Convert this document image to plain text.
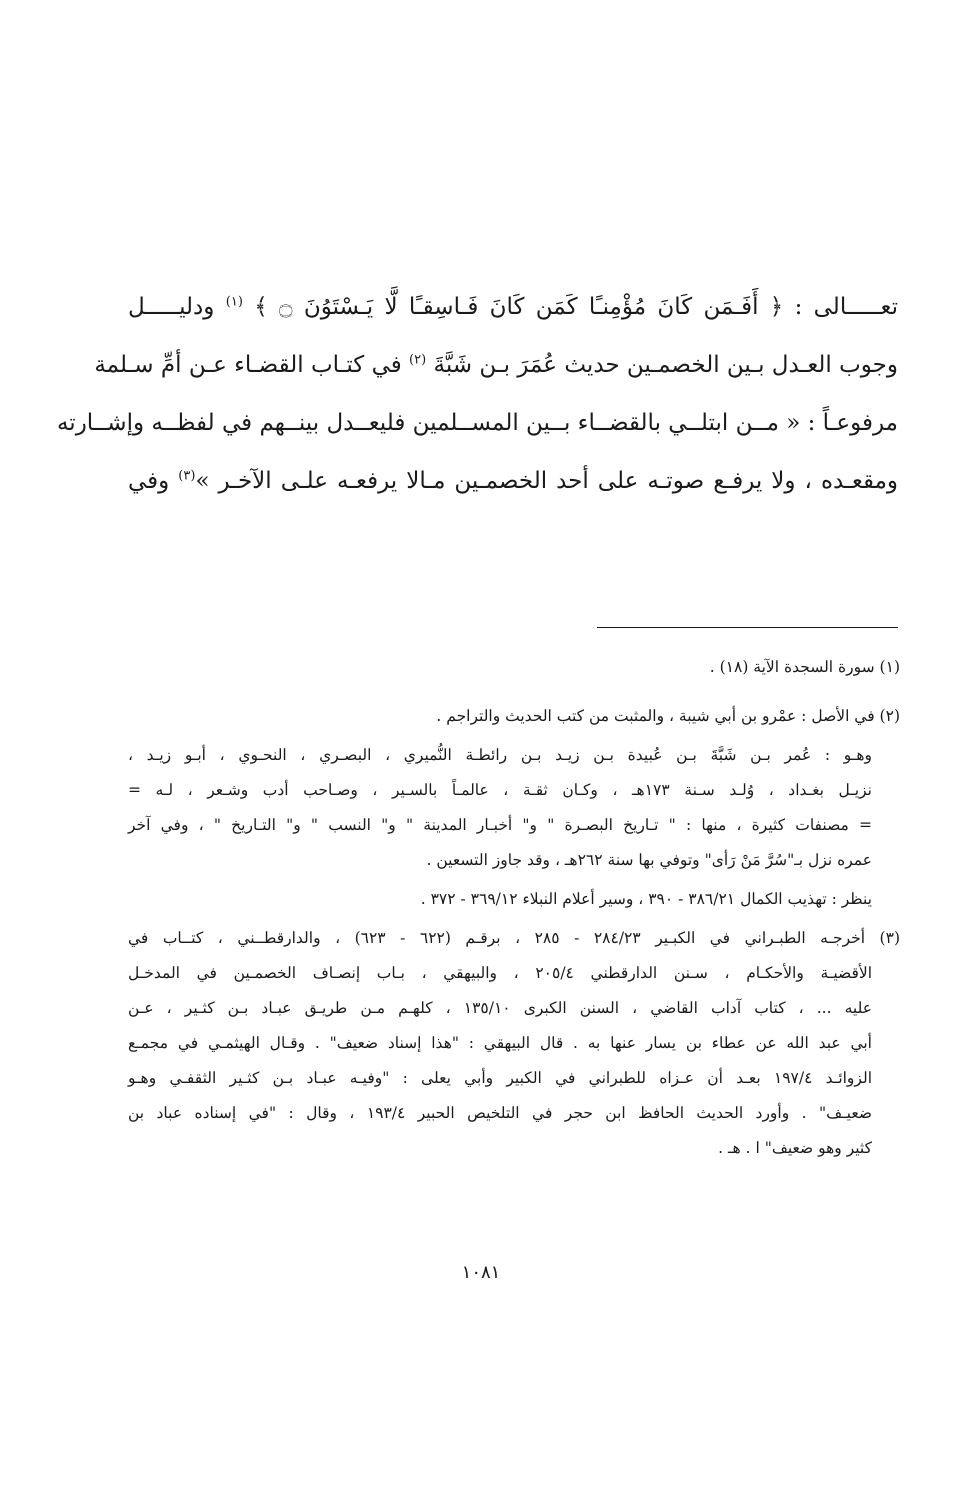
تعـــــالى : ﴿ أَفَـمَن كَانَ مُؤْمِنـًا كَمَن كَانَ فَـاسِقـًا لَّا يَـسْتَوُنَ ۝ ﴾ $^{(١)}$ ودليـــــل
وجوب العـدل بـين الخصمـين حديث عُمَرَ بـن شَبَّةَ $^{(٢)}$ في كتـاب القضـاء عـن أمِّ سـلمة
مرفوعـاً : « مــن ابتلــي بالقضــاء بــين المســلمين فليعــدل بينــهم في لفظــه وإشــارته
ومقعـده ، ولا يرفـع صوتـه على أحد الخصمـين مـالا يرفعـه علـى الآخـر »$^{(٣)}$ وفي
(١) سورة السجدة الآية (١٨) .
(٢) في الأصل : عمْرو بن أبي شيبة ، والمثبت من كتب الحديث والتراجم .
وهـو : عُمر بـن شَبَّةَ بـن عُبيدة بـن زيـد بـن رائطـة النُّميري ، البصـري ، النحـوي ، أبـو زيـد ،
نزيـل بغـداد ، وُلـد سـنة ١٧٣هـ ، وكـان ثقـة ، عالمـاً بالسـير ، وصـاحب أدب وشـعر ، لـه =
= مصنفات كثيرة ، منها : " تـاريخ البصـرة " و" أخبـار المدينة " و" النسب " و" التـاريخ " ، وفي آخر
عمره نزل بـ"سُرَّ مَنْ رَأى" وتوفي بها سنة ٢٦٢هـ ، وقد جاوز التسعين .
ينظر : تهذيب الكمال ٣٨٦/٢١ - ٣٩٠ ، وسير أعلام النبلاء ٣٦٩/١٢ - ٣٧٢ .
(٣) أخرجـه الطبـراني في الكبـير ٢٨٤/٢٣ - ٢٨٥ ، برقـم (٦٢٢ - ٦٢٣) ، والدارقطــني ، كتــاب في
الأقضيـة والأحكـام ، سـنن الدارقطني ٢٠٥/٤ ، والبيهقي ، بـاب إنصـاف الخصمـين في المدخـل
عليه ... ، كتاب آداب القاضي ، السنن الكبرى ١٣٥/١٠ ، كلهـم مـن طريـق عبـاد بـن كثـير ، عـن
أبي عبد الله عن عطاء بن يسار عنها به . قال البيهقي : "هذا إسناد ضعيف" . وقـال الهيثمـي في مجمـع
الزوائـد ١٩٧/٤ بعـد أن عـزاه للطبراني في الكبير وأبي يعلى : "وفيـه عبـاد بـن كثـير الثقفـي وهـو
ضعيـف" . وأورد الحديث الحافظ ابن حجر في التلخيص الحبير ١٩٣/٤ ، وقال : "في إسناده عباد بن
كثير وهو ضعيف" ا . هـ .
١٠٨١
